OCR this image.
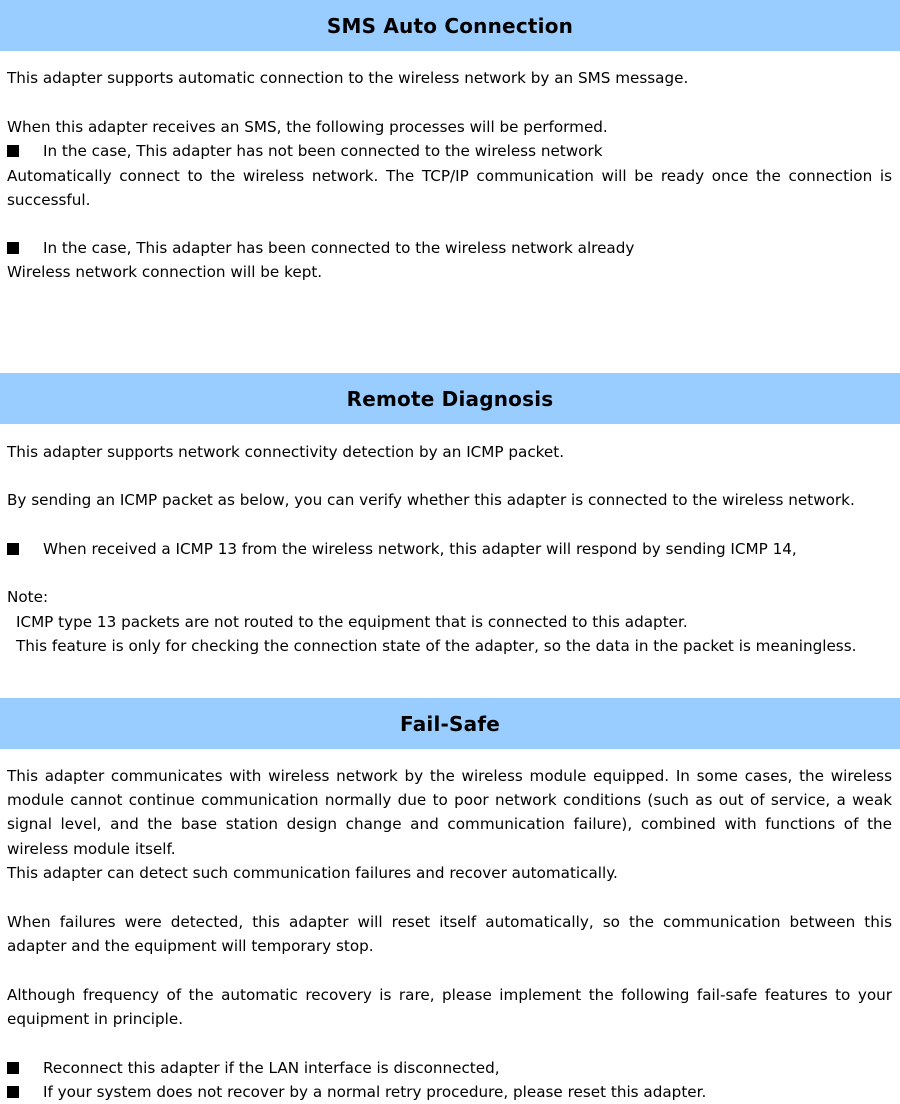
SMS Auto Connection
This adapter supports automatic connection to the wireless network by an SMS message.
When this adapter receives an SMS, the following processes will be performed.
In the case, This adapter has not been connected to the wireless network
Automatically connect to the wireless network. The TCP/IP communication will be ready once the connection is
successful.
In the case, This adapter has been connected to the wireless network already
Wireless network connection will be kept.
Remote Diagnosis
This adapter supports network connectivity detection by an ICMP packet.
By sending an ICMP packet as below, you can verify whether this adapter is connected to the wireless network.
When received a ICMP 13 from the wireless network, this adapter will respond by sending ICMP 14,
Note:
ICMP type 13 packets are not routed to the equipment that is connected to this adapter.
This feature is only for checking the connection state of the adapter, so the data in the packet is meaningless.
Fail-Safe
This adapter communicates with wireless network by the wireless module equipped. In some cases, the wireless
module cannot continue communication normally due to poor network conditions (such as out of service, a weak
signal level, and the base station design change and communication failure), combined with functions of the
wireless module itself.
This adapter can detect such communication failures and recover automatically.
When failures were detected, this adapter will reset itself automatically, so the communication between this
adapter and the equipment will temporary stop.
Although frequency of the automatic recovery is rare, please implement the following fail-safe features to your
equipment in principle.
Reconnect this adapter if the LAN interface is disconnected,
If your system does not recover by a normal retry procedure, please reset this adapter.
